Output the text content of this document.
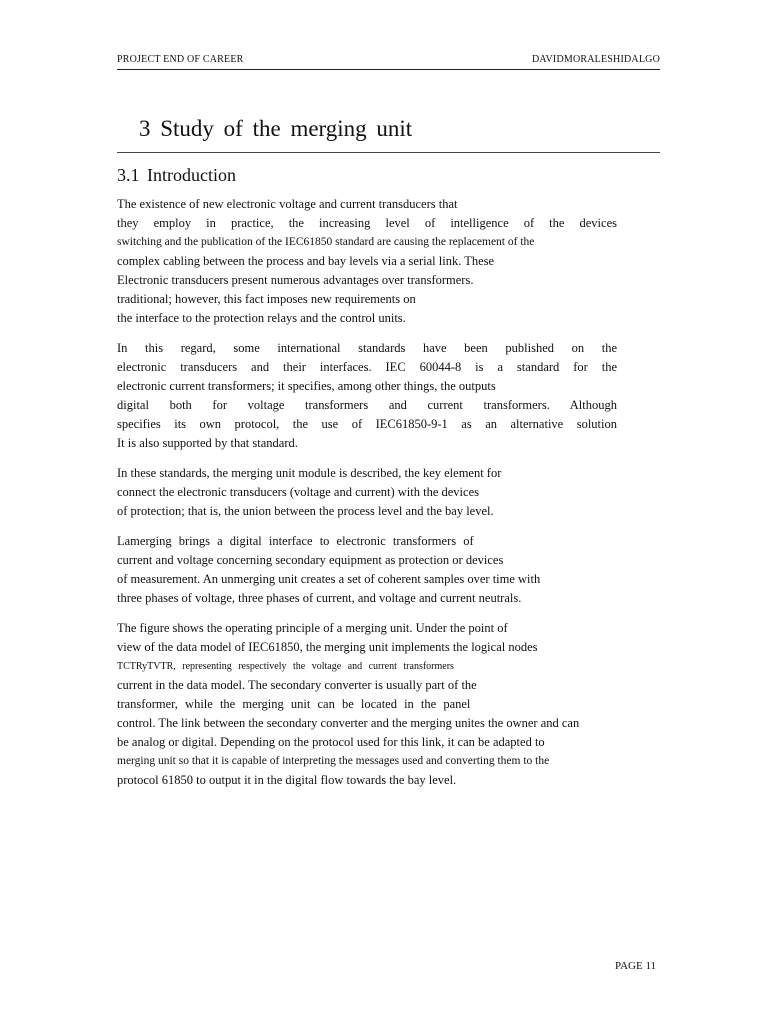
PROJECT END OF CAREER	DAVIDMORALESHIDALGO
3 Study of the merging unit
3.1 Introduction
The existence of new electronic voltage and current transducers that
they employ in practice, the increasing level of intelligence of the devices
switching and the publication of the IEC61850 standard are causing the replacement of the
complex cabling between the process and bay levels via a serial link. These
Electronic transducers present numerous advantages over transformers.
traditional; however, this fact imposes new requirements on
the interface to the protection relays and the control units.
In this regard, some international standards have been published on the
electronic transducers and their interfaces. IEC 60044-8 is a standard for the
electronic current transformers; it specifies, among other things, the outputs
digital both for voltage transformers and current transformers. Although
specifies its own protocol, the use of IEC61850-9-1 as an alternative solution
It is also supported by that standard.
In these standards, the merging unit module is described, the key element for
connect the electronic transducers (voltage and current) with the devices
of protection; that is, the union between the process level and the bay level.
Lamerging brings a digital interface to electronic transformers of
current and voltage concerning secondary equipment as protection or devices
of measurement. An unmerging unit creates a set of coherent samples over time with
three phases of voltage, three phases of current, and voltage and current neutrals.
The figure shows the operating principle of a merging unit. Under the point of
view of the data model of IEC61850, the merging unit implements the logical nodes
TCTRyTVTR, representing respectively the voltage and current transformers
current in the data model. The secondary converter is usually part of the
transformer, while the merging unit can be located in the panel
control. The link between the secondary converter and the merging unites the owner and can
be analog or digital. Depending on the protocol used for this link, it can be adapted to
merging unit so that it is capable of interpreting the messages used and converting them to the
protocol 61850 to output it in the digital flow towards the bay level.
PAGE 11
